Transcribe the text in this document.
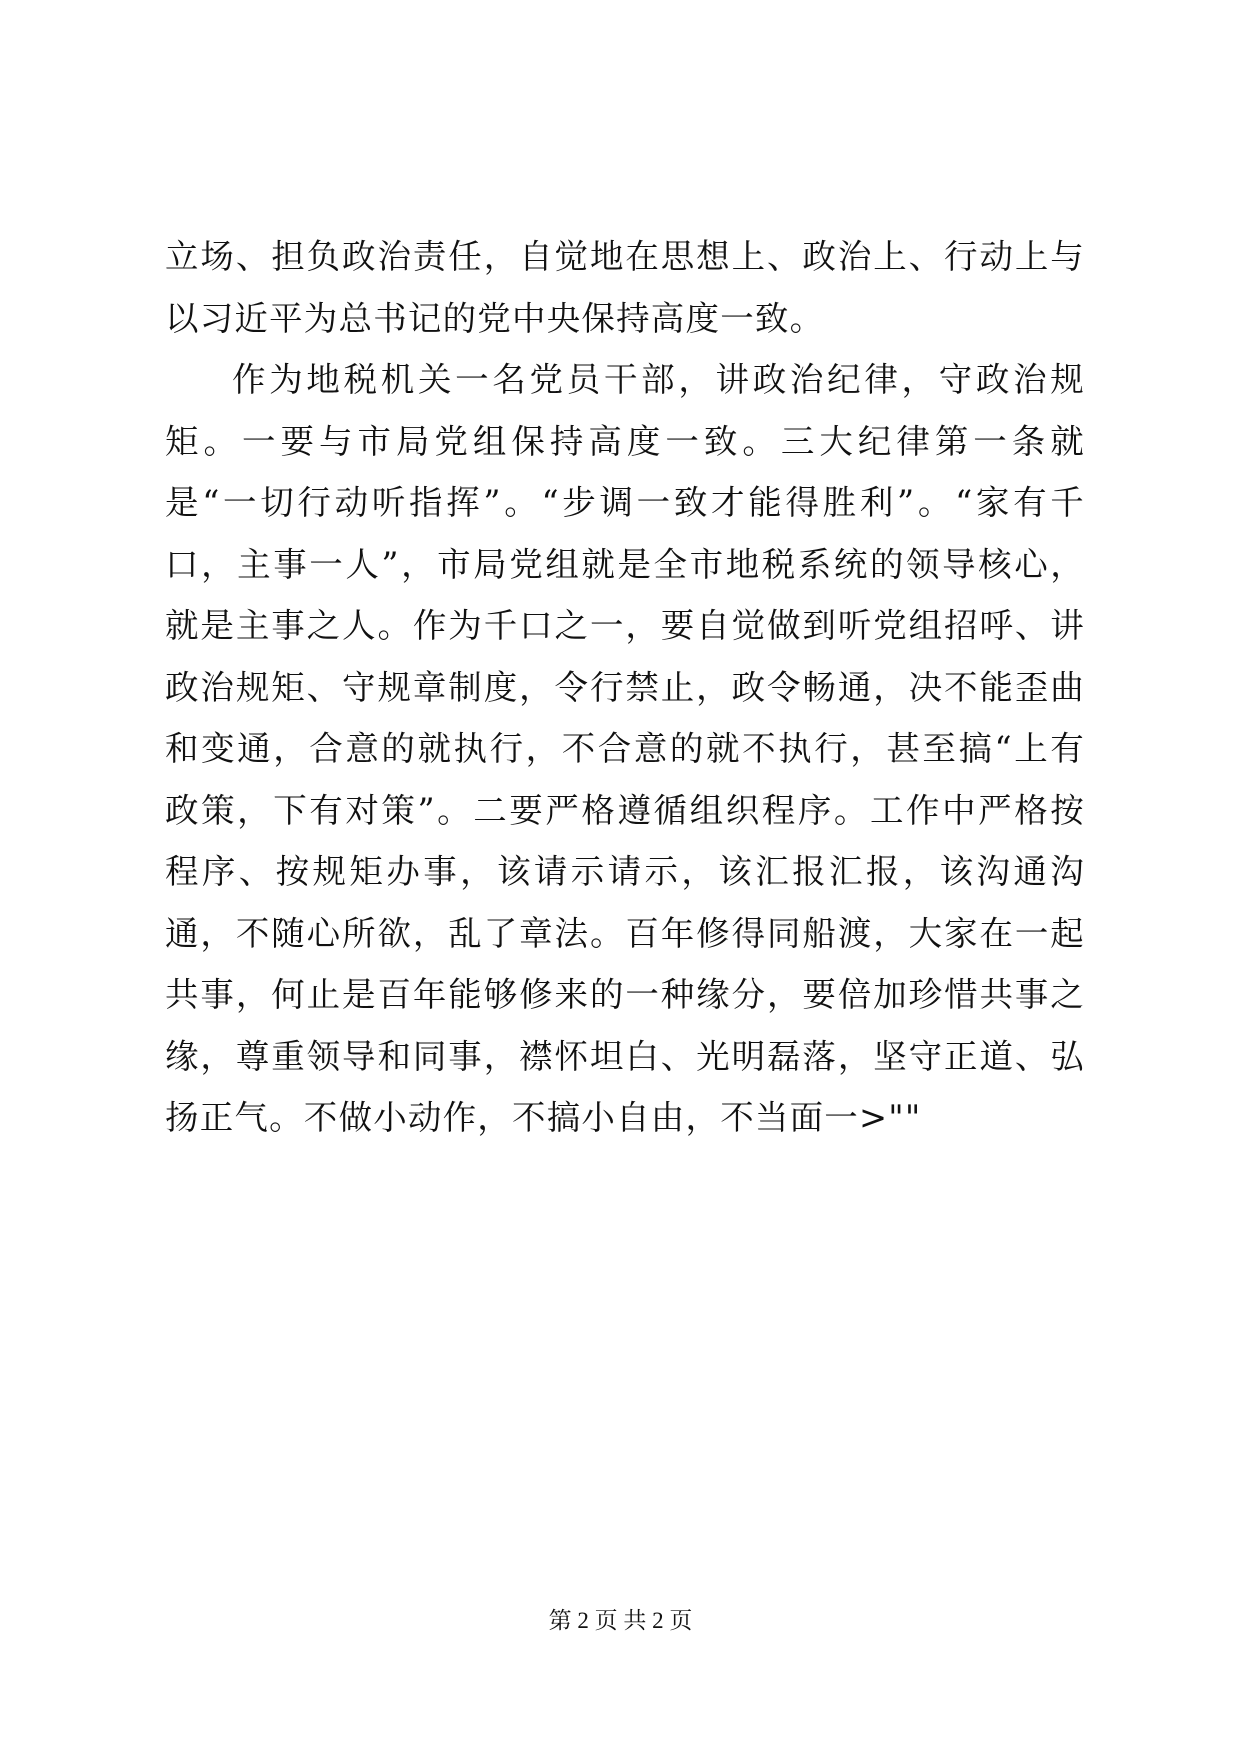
立场、担负政治责任，自觉地在思想上、政治上、行动上与以习近平为总书记的党中央保持高度一致。

作为地税机关一名党员干部，讲政治纪律，守政治规矩。一要与市局党组保持高度一致。三大纪律第一条就是“一切行动听指挥”。“步调一致才能得胜利”。“家有千口，主事一人”，市局党组就是全市地税系统的领导核心，就是主事之人。作为千口之一，要自觉做到听党组招呼、讲政治规矩、守规章制度，令行禁止，政令畅通，决不能歪曲和变通，合意的就执行，不合意的就不执行，甚至搞“上有政策，下有对策”。二要严格遵循组织程序。工作中严格按程序、按规矩办事，该请示请示，该汇报汇报，该沟通沟通，不随心所欲，乱了章法。百年修得同船渡，大家在一起共事，何止是百年能够修来的一种缘分，要倍加珍惜共事之缘，尊重领导和同事，襟怀坦白、光明磊落，坚守正道、弘扬正气。不做小动作，不搞小自由，不当面一>""

第 2 页 共 2 页
